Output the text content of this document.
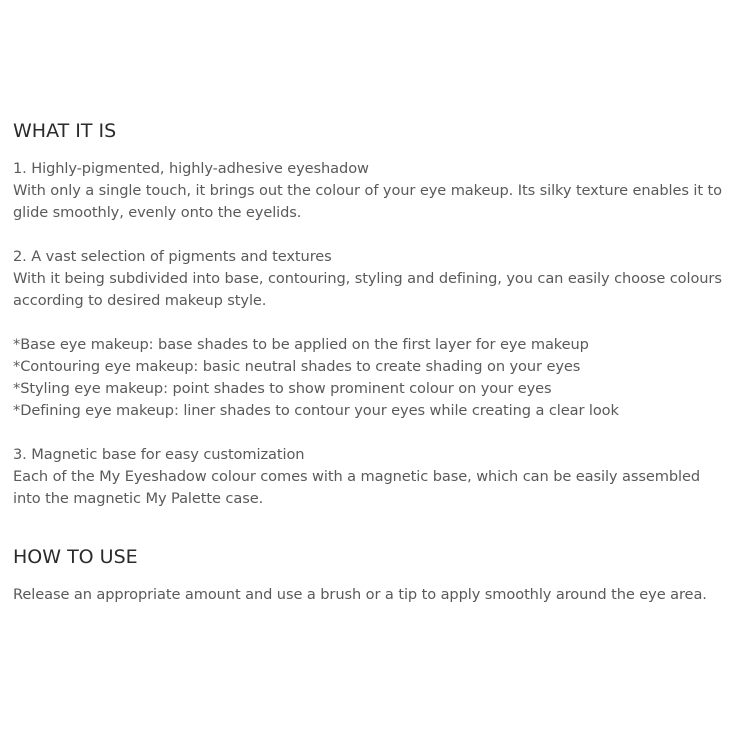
WHAT IT IS
1. Highly-pigmented, highly-adhesive eyeshadow
With only a single touch, it brings out the colour of your eye makeup. Its silky texture enables it to
glide smoothly, evenly onto the eyelids.
2. A vast selection of pigments and textures
With it being subdivided into base, contouring, styling and defining, you can easily choose colours
according to desired makeup style.
*Base eye makeup: base shades to be applied on the first layer for eye makeup
*Contouring eye makeup: basic neutral shades to create shading on your eyes
*Styling eye makeup: point shades to show prominent colour on your eyes
*Defining eye makeup: liner shades to contour your eyes while creating a clear look
3. Magnetic base for easy customization
Each of the My Eyeshadow colour comes with a magnetic base, which can be easily assembled
into the magnetic My Palette case.
HOW TO USE
Release an appropriate amount and use a brush or a tip to apply smoothly around the eye area.
